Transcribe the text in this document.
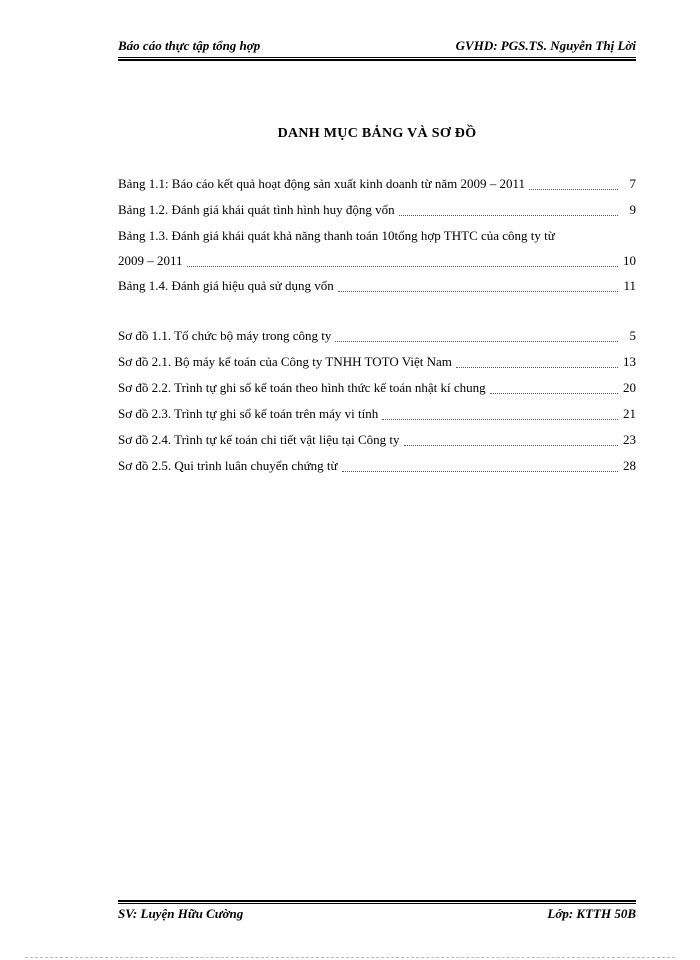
Báo cáo thực tập tổng hợp	GVHD: PGS.TS. Nguyễn Thị Lời
DANH MỤC BẢNG VÀ SƠ ĐỒ
Bảng 1.1: Báo cáo kết quả hoạt động sản xuất kinh doanh từ năm 2009 – 2011	7
Bảng 1.2. Đánh giá khái quát tình hình huy động vốn	9
Bảng 1.3. Đánh giá khái quát khả năng thanh toán 10tổng hợp THTC của công ty từ
2009 – 2011	10
Bảng 1.4. Đánh giá hiệu quả sử dụng vốn	11
Sơ đồ 1.1. Tổ chức bộ máy trong công ty	5
Sơ đồ 2.1. Bộ máy kế toán của Công ty TNHH TOTO Việt Nam	13
Sơ đồ 2.2. Trình tự ghi sổ kế toán theo hình thức kế toán nhật kí chung	20
Sơ đồ 2.3. Trình tự ghi sổ kế toán trên máy vi tính	21
Sơ đồ 2.4. Trình tự kế toán chi tiết vật liệu tại Công ty	23
Sơ đồ 2.5. Qui trình luân chuyển chứng từ	28
SV: Luyện Hữu Cường	Lớp: KTTH 50B
